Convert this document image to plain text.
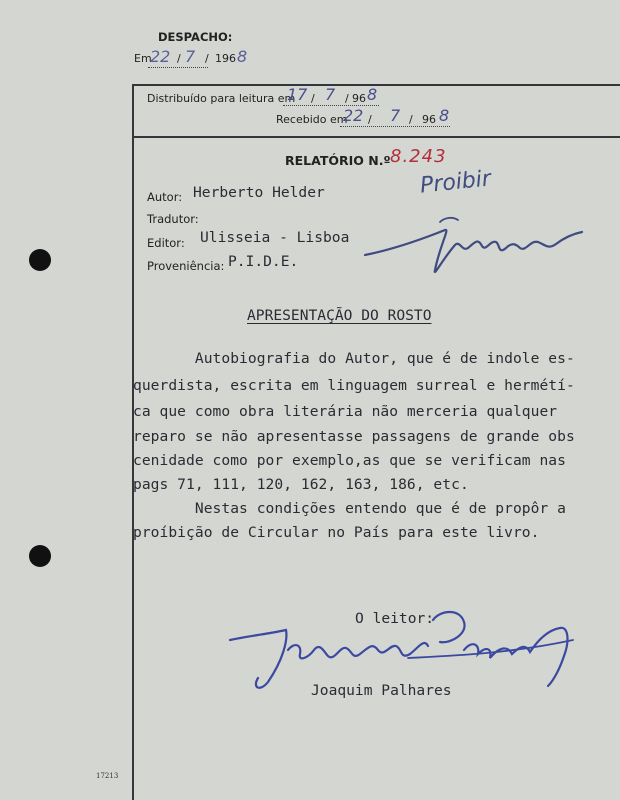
DESPACHO:
Em
22 / 7 / 196 8
Distribuído para leitura em
17 / 7 / 96 8
Recebido em
22 / 7 / 96 8
RELATÓRIO N.º 8.243
Autor: Herberto Helder
Tradutor:
Editor: Ulisseia - Lisboa
Proveniência: P.I.D.E.
Proibir
APRESENTAÇÃO DO ROSTO
Autobiografia do Autor, que é de indole es-
querdista, escrita em linguagem surreal e hermétí-
ca que como obra literária não merceria qualquer
reparo se não apresentasse passagens de grande obs
cenidade como por exemplo,as que se verificam nas
pags 71, 111, 120, 162, 163, 186, etc.
Nestas condições entendo que é de propôr a
proíbição de Circular no País para este livro.
O leitor:
Joaquim Palhares
17213
